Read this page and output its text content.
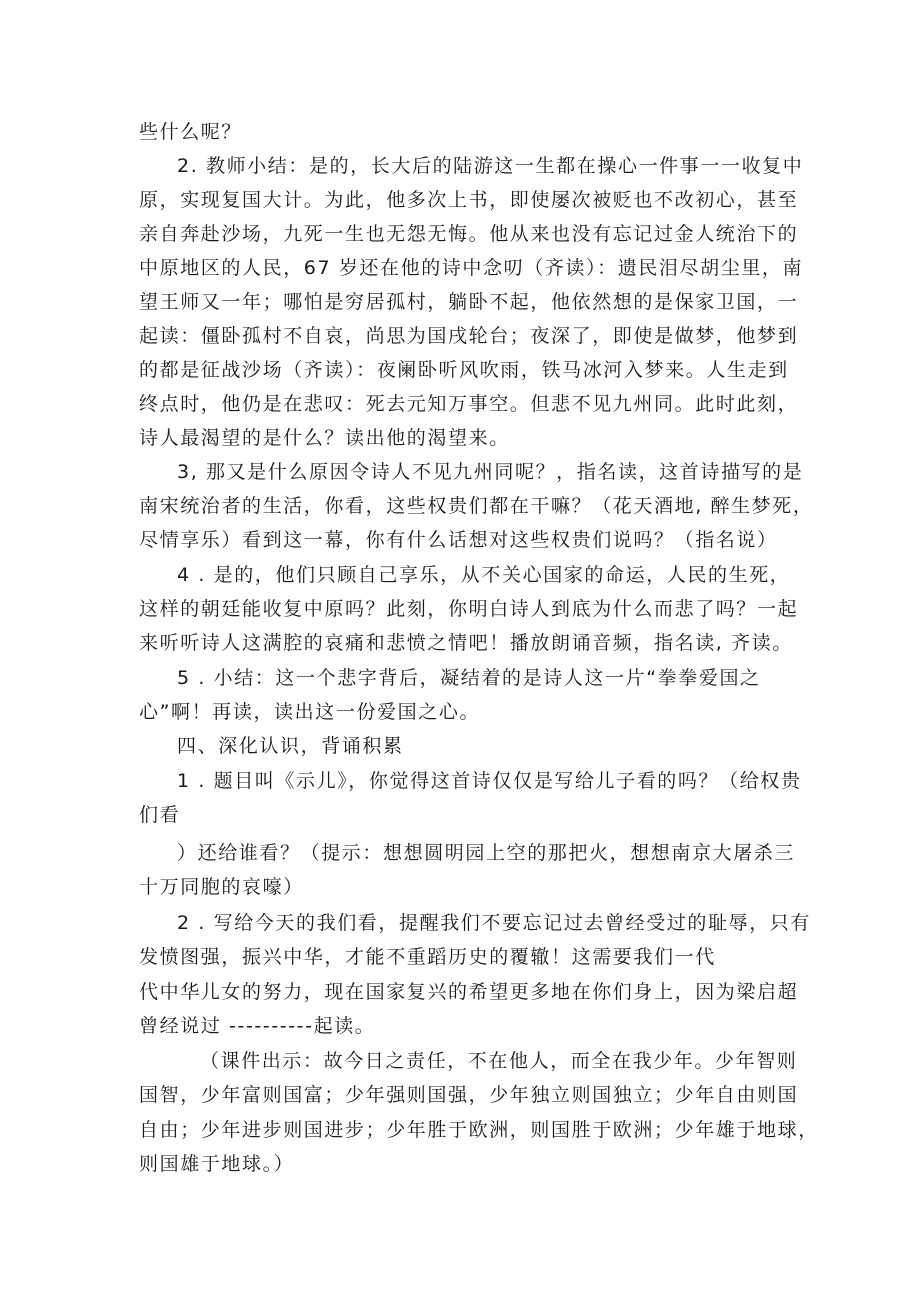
些什么呢？
2. 教师小结：是的，长大后的陆游这一生都在操心一件事一一收复中
原，实现复国大计。为此，他多次上书，即使屡次被贬也不改初心，甚至
亲自奔赴沙场，九死一生也无怨无悔。他从来也没有忘记过金人统治下的
中原地区的人民，67 岁还在他的诗中念叨（齐读）：遗民泪尽胡尘里，南
望王师又一年；哪怕是穷居孤村，躺卧不起，他依然想的是保家卫国，一
起读：僵卧孤村不自哀，尚思为国戌轮台；夜深了，即使是做梦，他梦到
的都是征战沙场（齐读）：夜阑卧听风吹雨，铁马冰河入梦来。人生走到
终点时，他仍是在悲叹：死去元知万事空。但悲不见九州同。此时此刻，
诗人最渴望的是什么？读出他的渴望来。
3, 那又是什么原因令诗人不见九州同呢？，指名读，这首诗描写的是
南宋统治者的生活，你看，这些权贵们都在干嘛？（花天酒地, 醉生梦死，
尽情享乐）看到这一幕，你有什么话想对这些权贵们说吗？（指名说）
4 . 是的，他们只顾自己享乐，从不关心国家的命运，人民的生死，
这样的朝廷能收复中原吗？此刻，你明白诗人到底为什么而悲了吗？一起
来听听诗人这满腔的哀痛和悲愤之情吧！播放朗诵音频，指名读, 齐读。
5 . 小结：这一个悲字背后，凝结着的是诗人这一片“拳拳爱国之
心”啊！再读，读出这一份爱国之心。
四、深化认识，背诵积累
1 . 题目叫《示儿》，你觉得这首诗仅仅是写给儿子看的吗？（给权贵
们看
）还给谁看？（提示：想想圆明园上空的那把火，想想南京大屠杀三
十万同胞的哀嚎）
2 . 写给今天的我们看，提醒我们不要忘记过去曾经受过的耻辱，只有
发愤图强，振兴中华，才能不重蹈历史的覆辙！这需要我们一代
代中华儿女的努力，现在国家复兴的希望更多地在你们身上，因为梁启超
曾经说过 ----------起读。
（课件出示：故今日之责任，不在他人，而全在我少年。少年智则
国智，少年富则国富；少年强则国强，少年独立则国独立；少年自由则国
自由；少年进步则国进步；少年胜于欧洲，则国胜于欧洲；少年雄于地球，
则国雄于地球。）
